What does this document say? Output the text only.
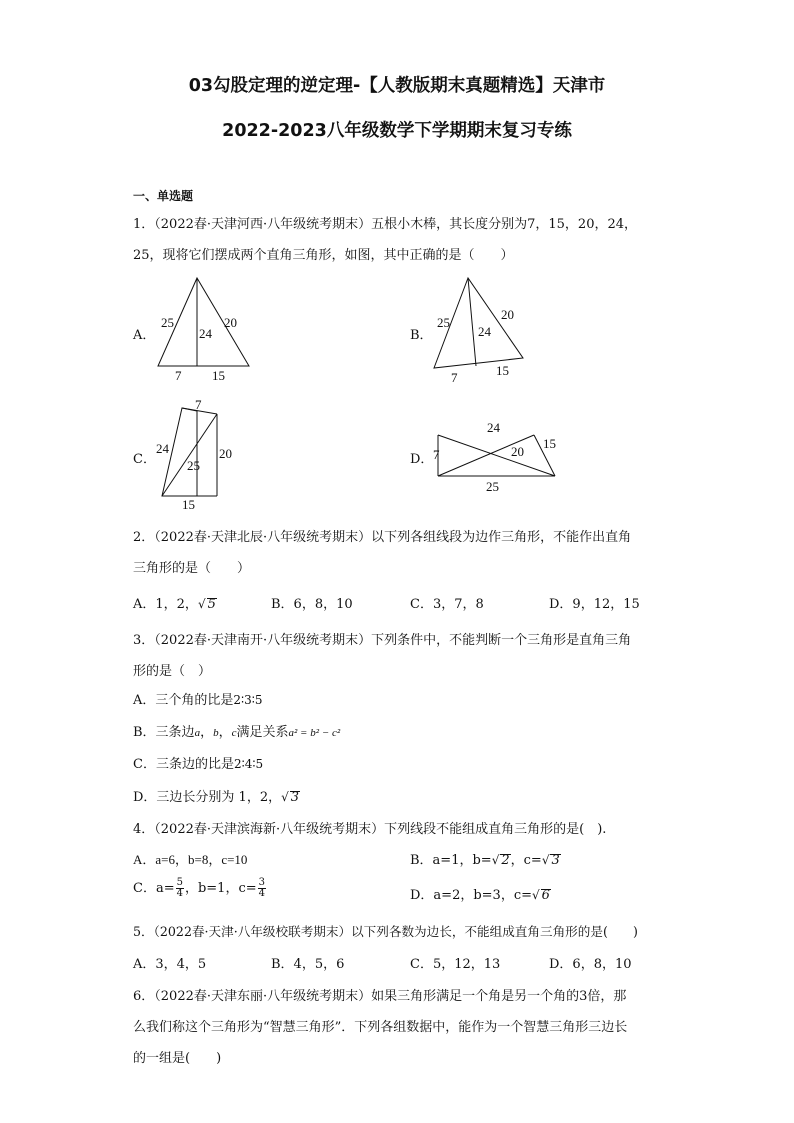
03勾股定理的逆定理-【人教版期末真题精选】天津市
2022-2023八年级数学下学期期末复习专练
一、单选题
1．（2022春·天津河西·八年级统考期末）五根小木棒，其长度分别为7，15，20，24，
25，现将它们摆成两个直角三角形，如图，其中正确的是（　　）
A．	B．
C．	D．
25
24
20
7 15
25
24
20
7	15
7
24
25
20
15
7
24
20
15
25
2．（2022春·天津北辰·八年级统考期末）以下列各组线段为边作三角形，不能作出直角
三角形的是（　　）
A．1，2，√ 5	B．6，8，10	C．3，7，8	D．9，12，15
3．（2022春·天津南开·八年级统考期末）下列条件中，不能判断一个三角形是直角三角
形的是（　）
A．三个角的比是2∶3∶5
B．三条边a，b，c满足关系a² = b² − c²
C．三条边的比是2∶4∶5
D．三边长分别为 1，2，√ 3
4．（2022春·天津滨海新·八年级统考期末）下列线段不能组成直角三角形的是(　).
A．a=6，b=8，c=10	B．a=1，b=√ 2，c=√ 3
C．$a= \frac{5}{4}$ ，b=1，$c= \frac{3}{4}$	D．a=2，b=3，c=√ 6
5．（2022春·天津·八年级校联考期末）以下列各数为边长，不能组成直角三角形的是(　　)
A．3，4，5	B．4，5，6	C．5，12，13	D．6，8，10
6．（2022春·天津东丽·八年级统考期末）如果三角形满足一个角是另一个角的3倍，那
么我们称这个三角形为“智慧三角形”．下列各组数据中，能作为一个智慧三角形三边长
的一组是(　　)
